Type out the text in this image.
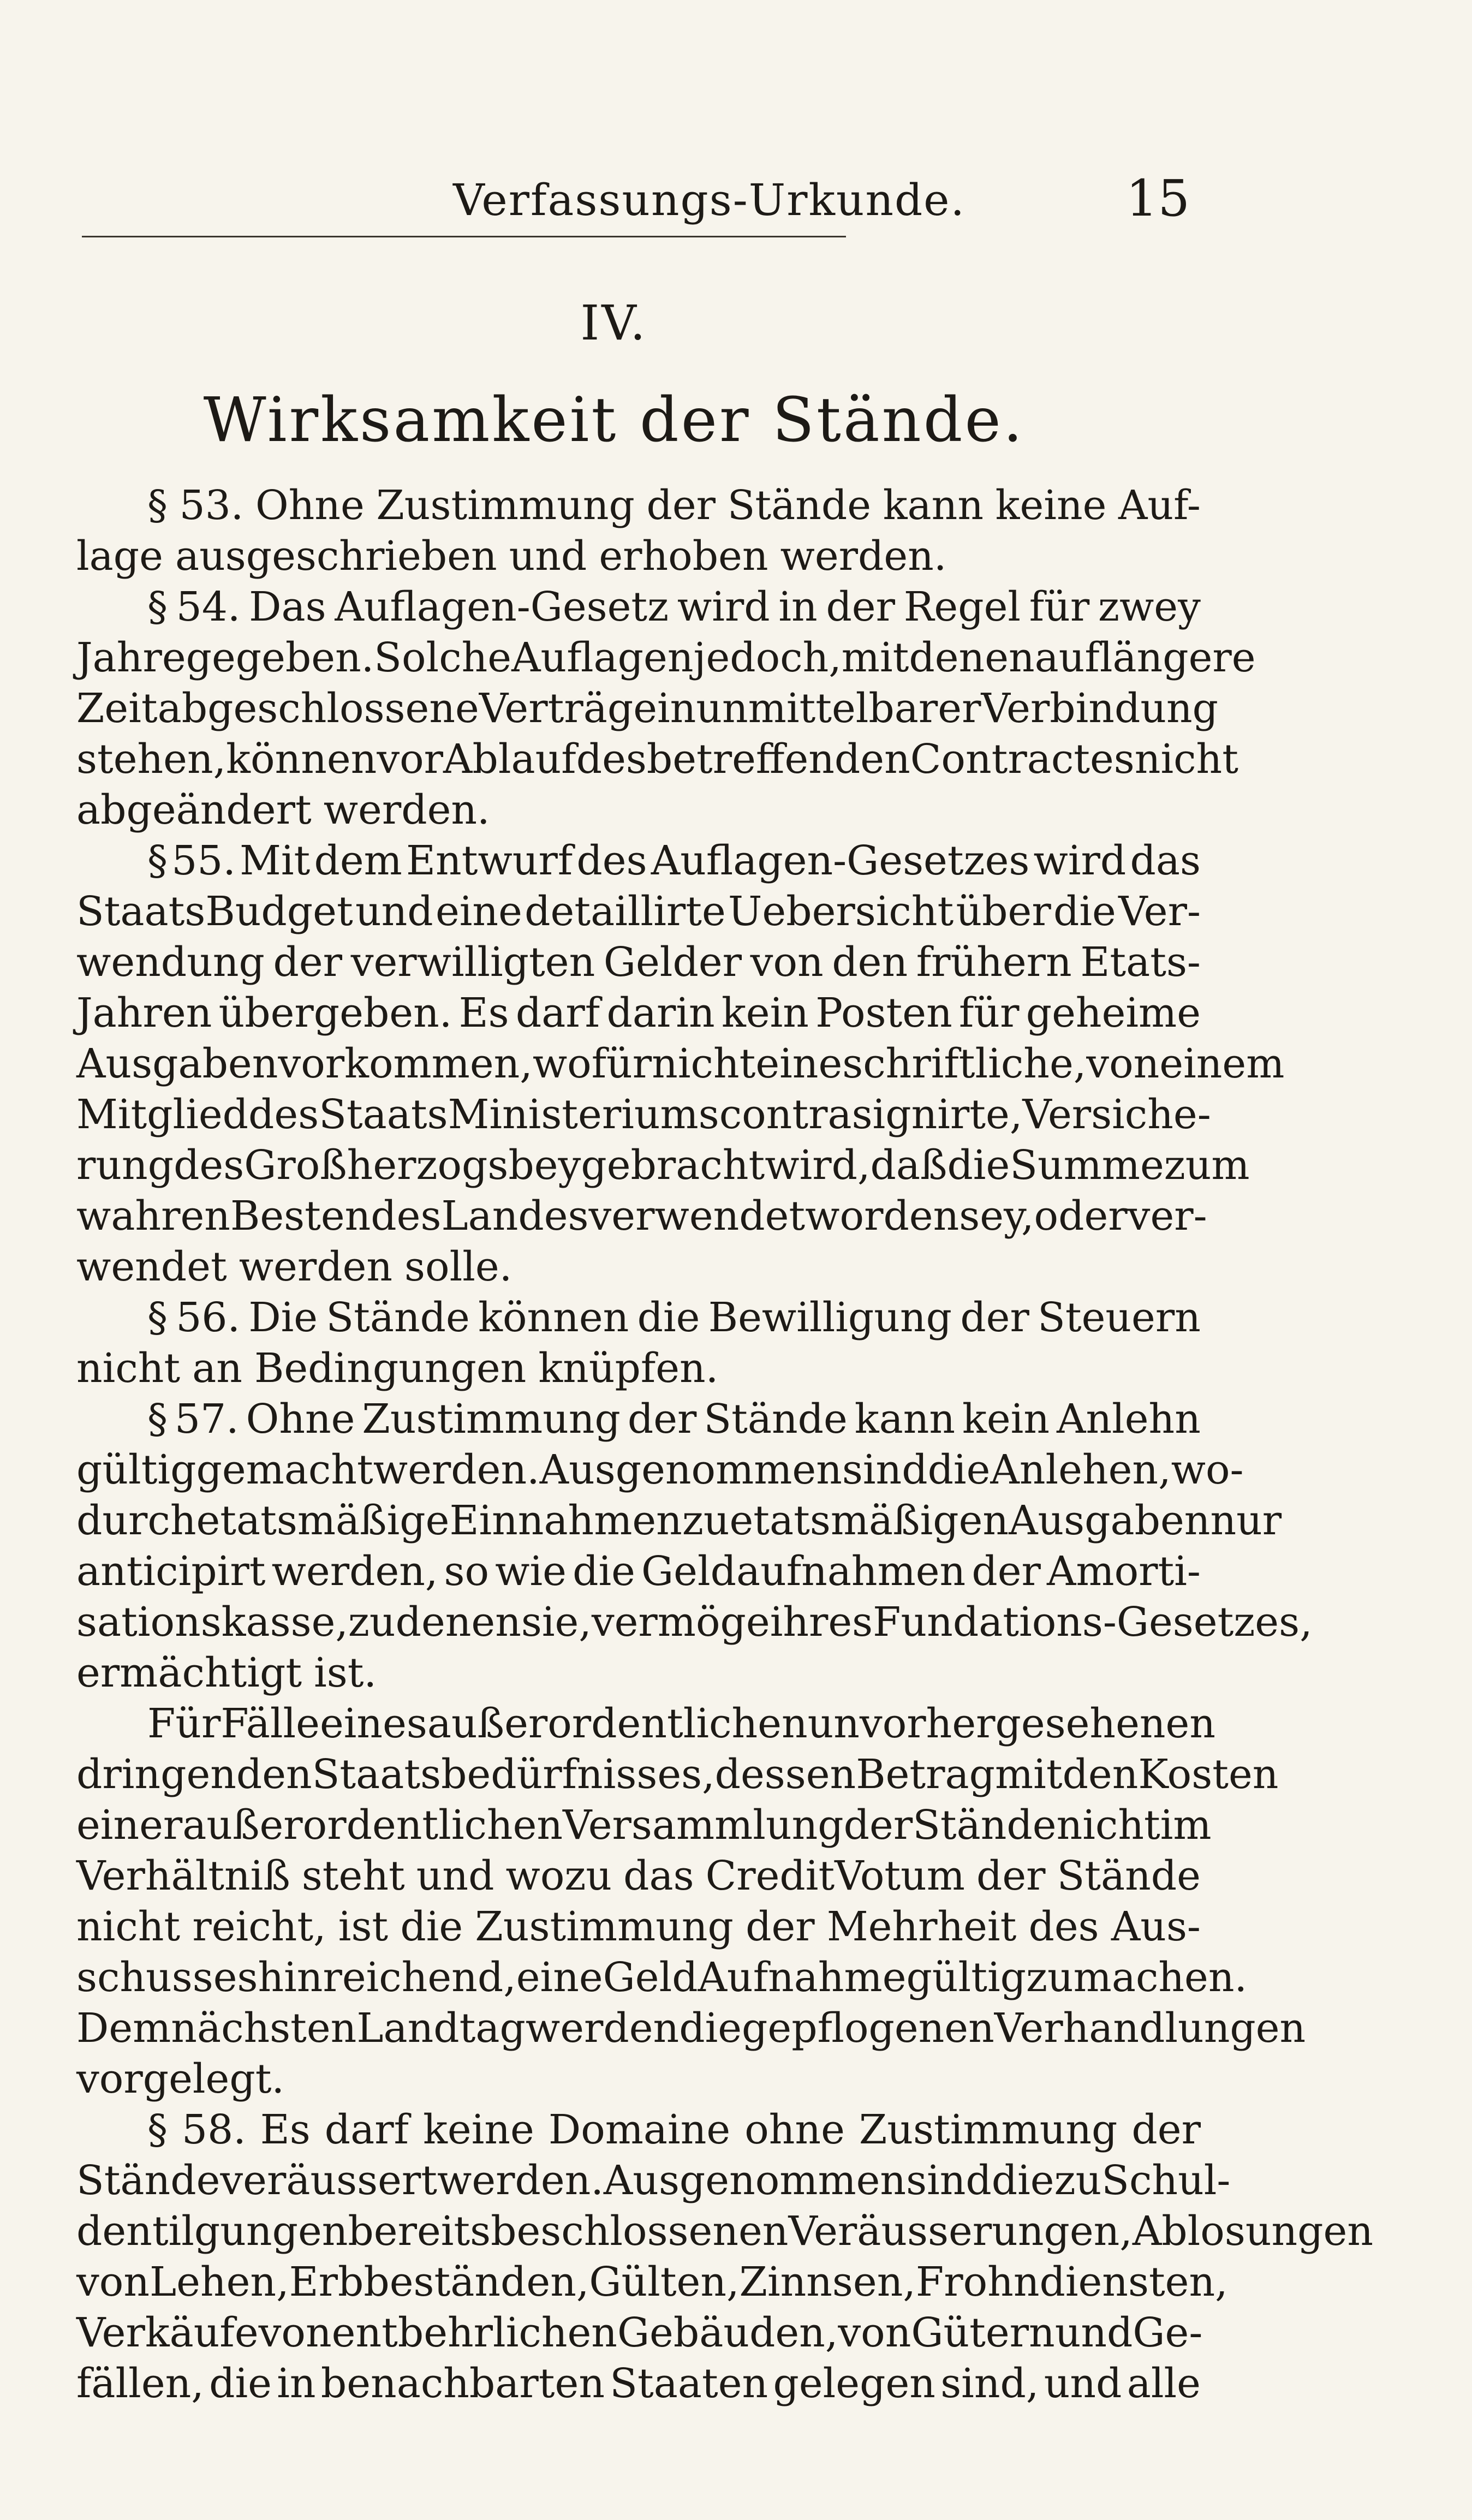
Verfassungs-Urkunde.	15
IV.
Wirksamkeit der Stände.
§ 53. Ohne Zustimmung der Stände kann keine Auf-
lage ausgeschrieben und erhoben werden.
§ 54. Das Auflagen-Gesetz wird in der Regel für zwey
Jahre gegeben. Solche Auflagen jedoch, mit denen auf längere
Zeit abgeschlossene Verträge in unmittelbarer Verbindung
stehen, können vor Ablauf des betreffenden Contractes nicht
abgeändert werden.
§ 55. Mit dem Entwurf des Auflagen-Gesetzes wird das
StaatsBudget und eine detaillirte Uebersicht über die Ver-
wendung der verwilligten Gelder von den frühern Etats-
Jahren übergeben. Es darf darin kein Posten für geheime
Ausgaben vorkommen, wofür nicht eine schriftliche, von einem
Mitglied des StaatsMinisteriums contrasignirte, Versiche-
rung des Großherzogs beygebracht wird, daß die Summe zum
wahren Besten des Landes verwendet worden sey, oder ver-
wendet werden solle.
§ 56. Die Stände können die Bewilligung der Steuern
nicht an Bedingungen knüpfen.
§ 57. Ohne Zustimmung der Stände kann kein Anlehn
gültig gemacht werden. Ausgenommen sind die Anlehen, wo-
durch etatsmäßige Einnahmen zu etatsmäßigen Ausgaben nur
anticipirt werden, so wie die Geldaufnahmen der Amorti-
sationskasse, zu denen sie, vermöge ihres Fundations-Gesetzes,
ermächtigt ist.
Für Fälle eines außerordentlichen unvorhergesehenen
dringenden Staatsbedürfnisses, dessen Betrag mit den Kosten
einer außerordentlichen Versammlung der Stände nicht im
Verhältniß steht und wozu das CreditVotum der Stände
nicht reicht, ist die Zustimmung der Mehrheit des Aus-
schusses hinreichend, eine GeldAufnahme gültig zu machen.
Dem nächsten Landtag werden die gepflogenen Verhandlungen
vorgelegt.
§ 58. Es darf keine Domaine ohne Zustimmung der
Stände veräussert werden. Ausgenommen sind die zu Schul-
dentilgungen bereits beschlossenen Veräusserungen, Ablosungen
von Lehen, Erbbeständen, Gülten, Zinnsen, Frohndiensten,
Verkäufe von entbehrlichen Gebäuden, von Gütern und Ge-
fällen, die in benachbarten Staaten gelegen sind, und alle
